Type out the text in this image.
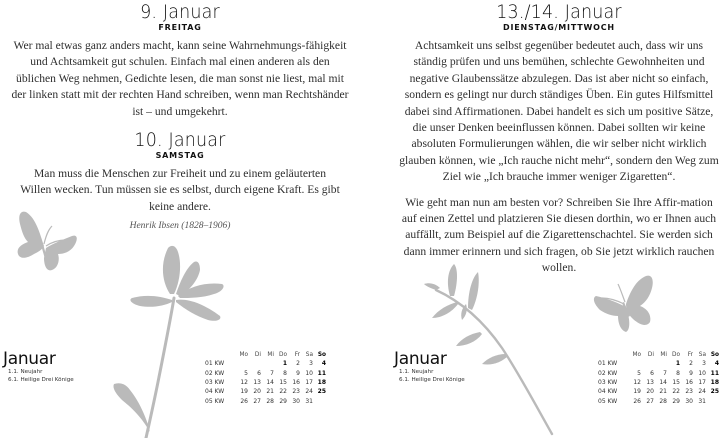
9. Januar
FREITAG

Wer mal etwas ganz anders macht, kann seine Wahrnehmungs-fähigkeit und Achtsamkeit gut schulen. Einfach mal einen anderen als den üblichen Weg nehmen, Gedichte lesen, die man sonst nie liest, mal mit der linken statt mit der rechten Hand schreiben, wenn man Rechtshänder ist – und umgekehrt.

10. Januar
SAMSTAG

Man muss die Menschen zur Freiheit und zu einem geläuterten Willen wecken. Tun müssen sie es selbst, durch eigene Kraft. Es gibt keine andere.

Henrik Ibsen (1828–1906)
Januar
1.1. Neujahr
6.1. Heilige Drei Könige
	Mo	Di	Mi	Do	Fr	Sa	So
01 KW				1	2	3	4
02 KW	5	6	7	8	9	10	11
03 KW	12	13	14	15	16	17	18
04 KW	19	20	21	22	23	24	25
05 KW	26	27	28	29	30	31	
13./14. Januar
DIENSTAG/MITTWOCH

Achtsamkeit uns selbst gegenüber bedeutet auch, dass wir uns ständig prüfen und uns bemühen, schlechte Gewohnheiten und negative Glaubenssätze abzulegen. Das ist aber nicht so einfach, sondern es gelingt nur durch ständiges Üben. Ein gutes Hilfsmittel dabei sind Affirmationen. Dabei handelt es sich um positive Sätze, die unser Denken beeinflussen können. Dabei sollten wir keine absoluten Formulierungen wählen, die wir selber nicht wirklich glauben können, wie „Ich rauche nicht mehr“, sondern den Weg zum Ziel wie „Ich brauche immer weniger Zigaretten“.

Wie geht man nun am besten vor? Schreiben Sie Ihre Affir-mation auf einen Zettel und platzieren Sie diesen dorthin, wo er Ihnen auch auffällt, zum Beispiel auf die Zigarettenschachtel. Sie werden sich dann immer erinnern und sich fragen, ob Sie jetzt wirklich rauchen wollen.

Januar
1.1. Neujahr
6.1. Heilige Drei Könige
	Mo	Di	Mi	Do	Fr	Sa	So
01 KW				1	2	3	4
02 KW	5	6	7	8	9	10	11
03 KW	12	13	14	15	16	17	18
04 KW	19	20	21	22	23	24	25
05 KW	26	27	28	29	30	31	
